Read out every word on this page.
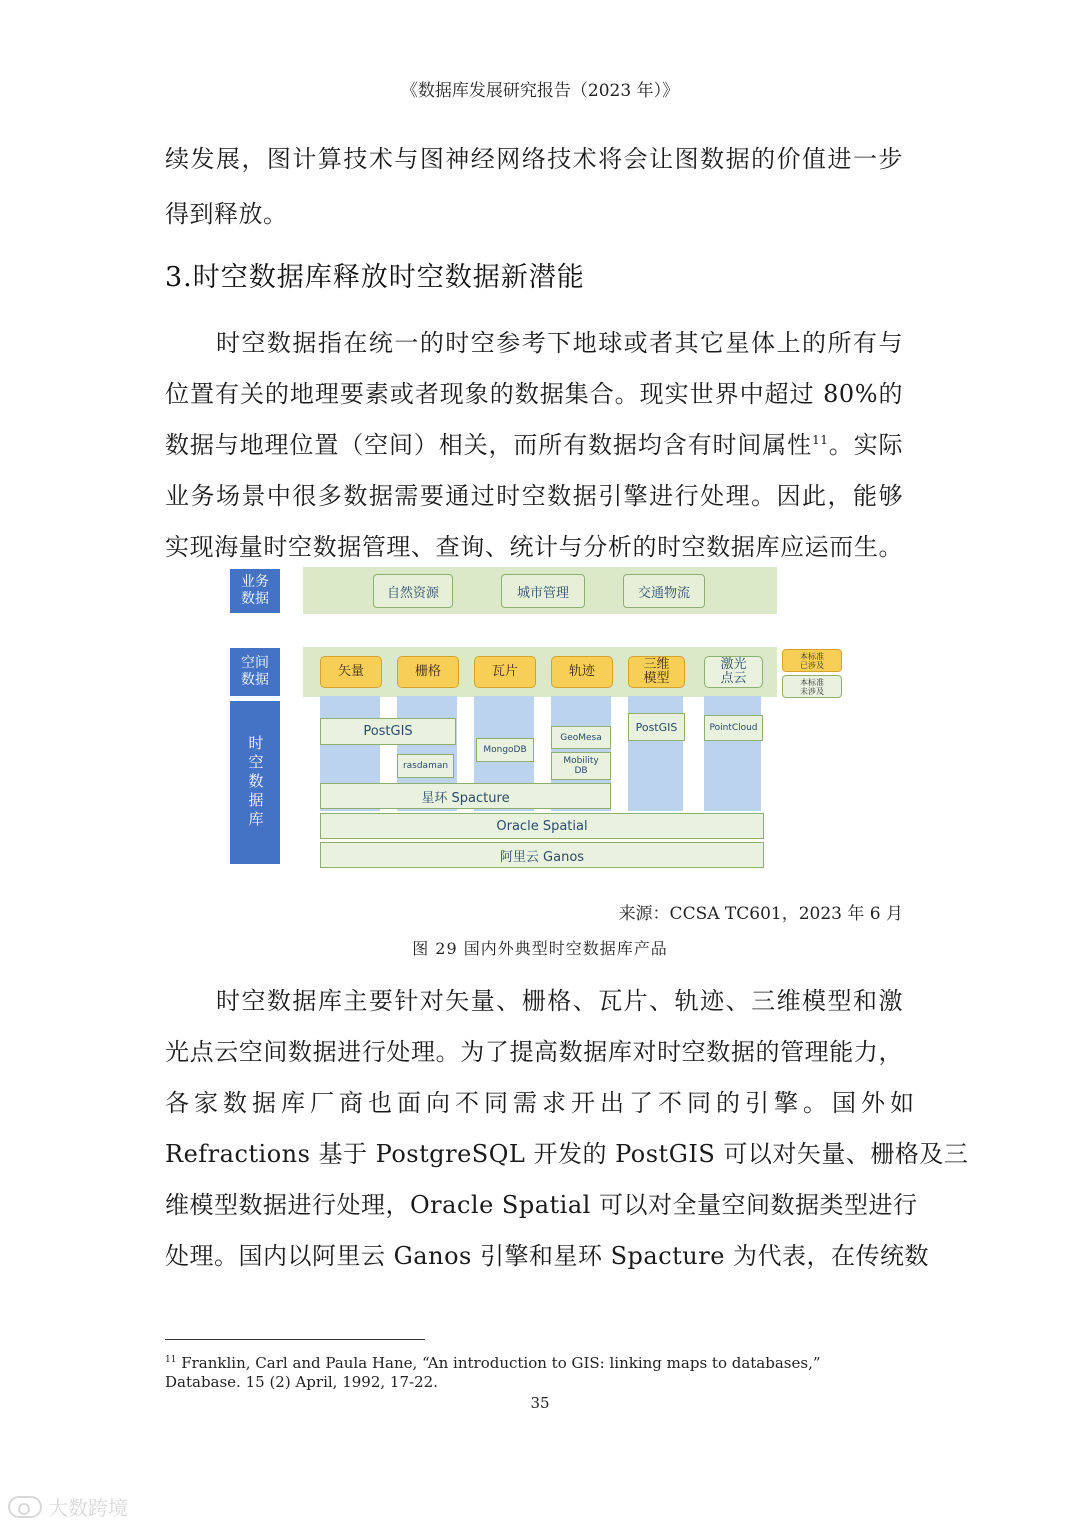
《数据库发展研究报告（2023 年）》
续发展，图计算技术与图神经网络技术将会让图数据的价值进一步
得到释放。
3.时空数据库释放时空数据新潜能
　　时空数据指在统一的时空参考下地球或者其它星体上的所有与
位置有关的地理要素或者现象的数据集合。现实世界中超过 80%的
数据与地理位置（空间）相关，而所有数据均含有时间属性$^{11}$。实际
业务场景中很多数据需要通过时空数据引擎进行处理。因此，能够
实现海量时空数据管理、查询、统计与分析的时空数据库应运而生。
业务
数据	自然资源	城市管理	交通物流
空间
数据
矢量	栅格	瓦片	轨迹	三维
模型
激光
点云
本标准
已涉及
本标准
未涉及
时空数据库
PostGIS
rasdaman
MongoDB
GeoMesa
Mobility
DB
PostGIS	PointCloud
星环 Spacture
Oracle Spatial
阿里云 Ganos
来源：CCSA TC601，2023 年 6 月
图 29 国内外典型时空数据库产品
　　时空数据库主要针对矢量、栅格、瓦片、轨迹、三维模型和激
光点云空间数据进行处理。为了提高数据库对时空数据的管理能力，
各家数据库厂商也面向不同需求开出了不同的引擎。国外如
Refractions 基于 PostgreSQL 开发的 PostGIS 可以对矢量、栅格及三
维模型数据进行处理，Oracle Spatial 可以对全量空间数据类型进行
处理。国内以阿里云 Ganos 引擎和星环 Spacture 为代表，在传统数
$^{11}$ Franklin, Carl and Paula Hane, “An introduction to GIS: linking maps to databases,” Database. 15 (2) April, 1992, 17-22.
35
大数跨境
